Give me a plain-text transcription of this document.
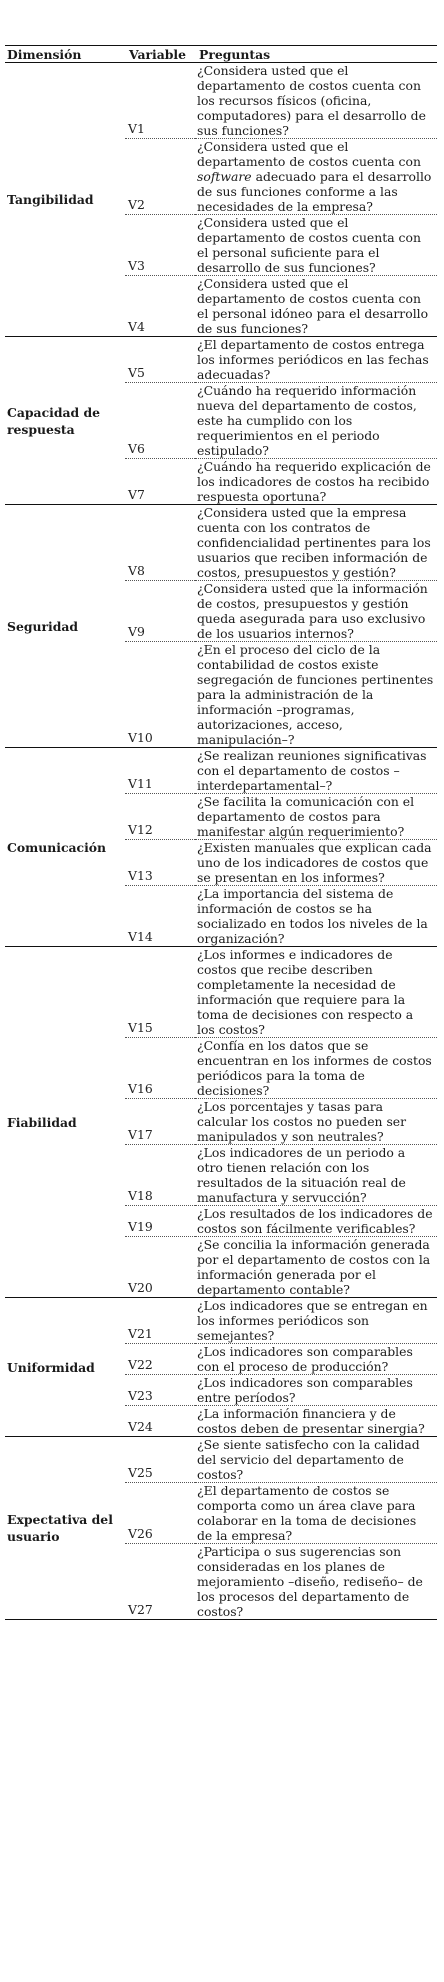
Dimensión	Variable	Preguntas
Tangibilidad	V1	¿Considera usted que el departamento de costos cuenta con los recursos físicos (oficina, computadores) para el desarrollo de sus funciones?
	V2	¿Considera usted que el departamento de costos cuenta con software adecuado para el desarrollo de sus funciones conforme a las necesidades de la empresa?
	V3	¿Considera usted que el departamento de costos cuenta con el personal suficiente para el desarrollo de sus funciones?
	V4	¿Considera usted que el departamento de costos cuenta con el personal idóneo para el desarrollo de sus funciones?
Capacidad de respuesta	V5	¿El departamento de costos entrega los informes periódicos en las fechas adecuadas?
	V6	¿Cuándo ha requerido información nueva del departamento de costos, este ha cumplido con los requerimientos en el periodo estipulado?
	V7	¿Cuándo ha requerido explicación de los indicadores de costos ha recibido respuesta oportuna?
Seguridad	V8	¿Considera usted que la empresa cuenta con los contratos de confidencialidad pertinentes para los usuarios que reciben información de costos, presupuestos y gestión?
	V9	¿Considera usted que la información de costos, presupuestos y gestión queda asegurada para uso exclusivo de los usuarios internos?
	V10	¿En el proceso del ciclo de la contabilidad de costos existe segregación de funciones pertinentes para la administración de la información –programas, autorizaciones, acceso, manipulación–?
Comunicación	V11	¿Se realizan reuniones significativas con el departamento de costos –interdepartamental–?
	V12	¿Se facilita la comunicación con el departamento de costos para manifestar algún requerimiento?
	V13	¿Existen manuales que explican cada uno de los indicadores de costos que se presentan en los informes?
	V14	¿La importancia del sistema de información de costos se ha socializado en todos los niveles de la organización?
Fiabilidad	V15	¿Los informes e indicadores de costos que recibe describen completamente la necesidad de información que requiere para la toma de decisiones con respecto a los costos?
	V16	¿Confía en los datos que se encuentran en los informes de costos periódicos para la toma de decisiones?
	V17	¿Los porcentajes y tasas para calcular los costos no pueden ser manipulados y son neutrales?
	V18	¿Los indicadores de un periodo a otro tienen relación con los resultados de la situación real de manufactura y servucción?
	V19	¿Los resultados de los indicadores de costos son fácilmente verificables?
	V20	¿Se concilia la información generada por el departamento de costos con la información generada por el departamento contable?
Uniformidad	V21	¿Los indicadores que se entregan en los informes periódicos son semejantes?
	V22	¿Los indicadores son comparables con el proceso de producción?
	V23	¿Los indicadores son comparables entre períodos?
	V24	¿La información financiera y de costos deben de presentar sinergia?
Expectativa del usuario	V25	¿Se siente satisfecho con la calidad del servicio del departamento de costos?
	V26	¿El departamento de costos se comporta como un área clave para colaborar en la toma de decisiones de la empresa?
	V27	¿Participa o sus sugerencias son consideradas en los planes de mejoramiento –diseño, rediseño– de los procesos del departamento de costos?
